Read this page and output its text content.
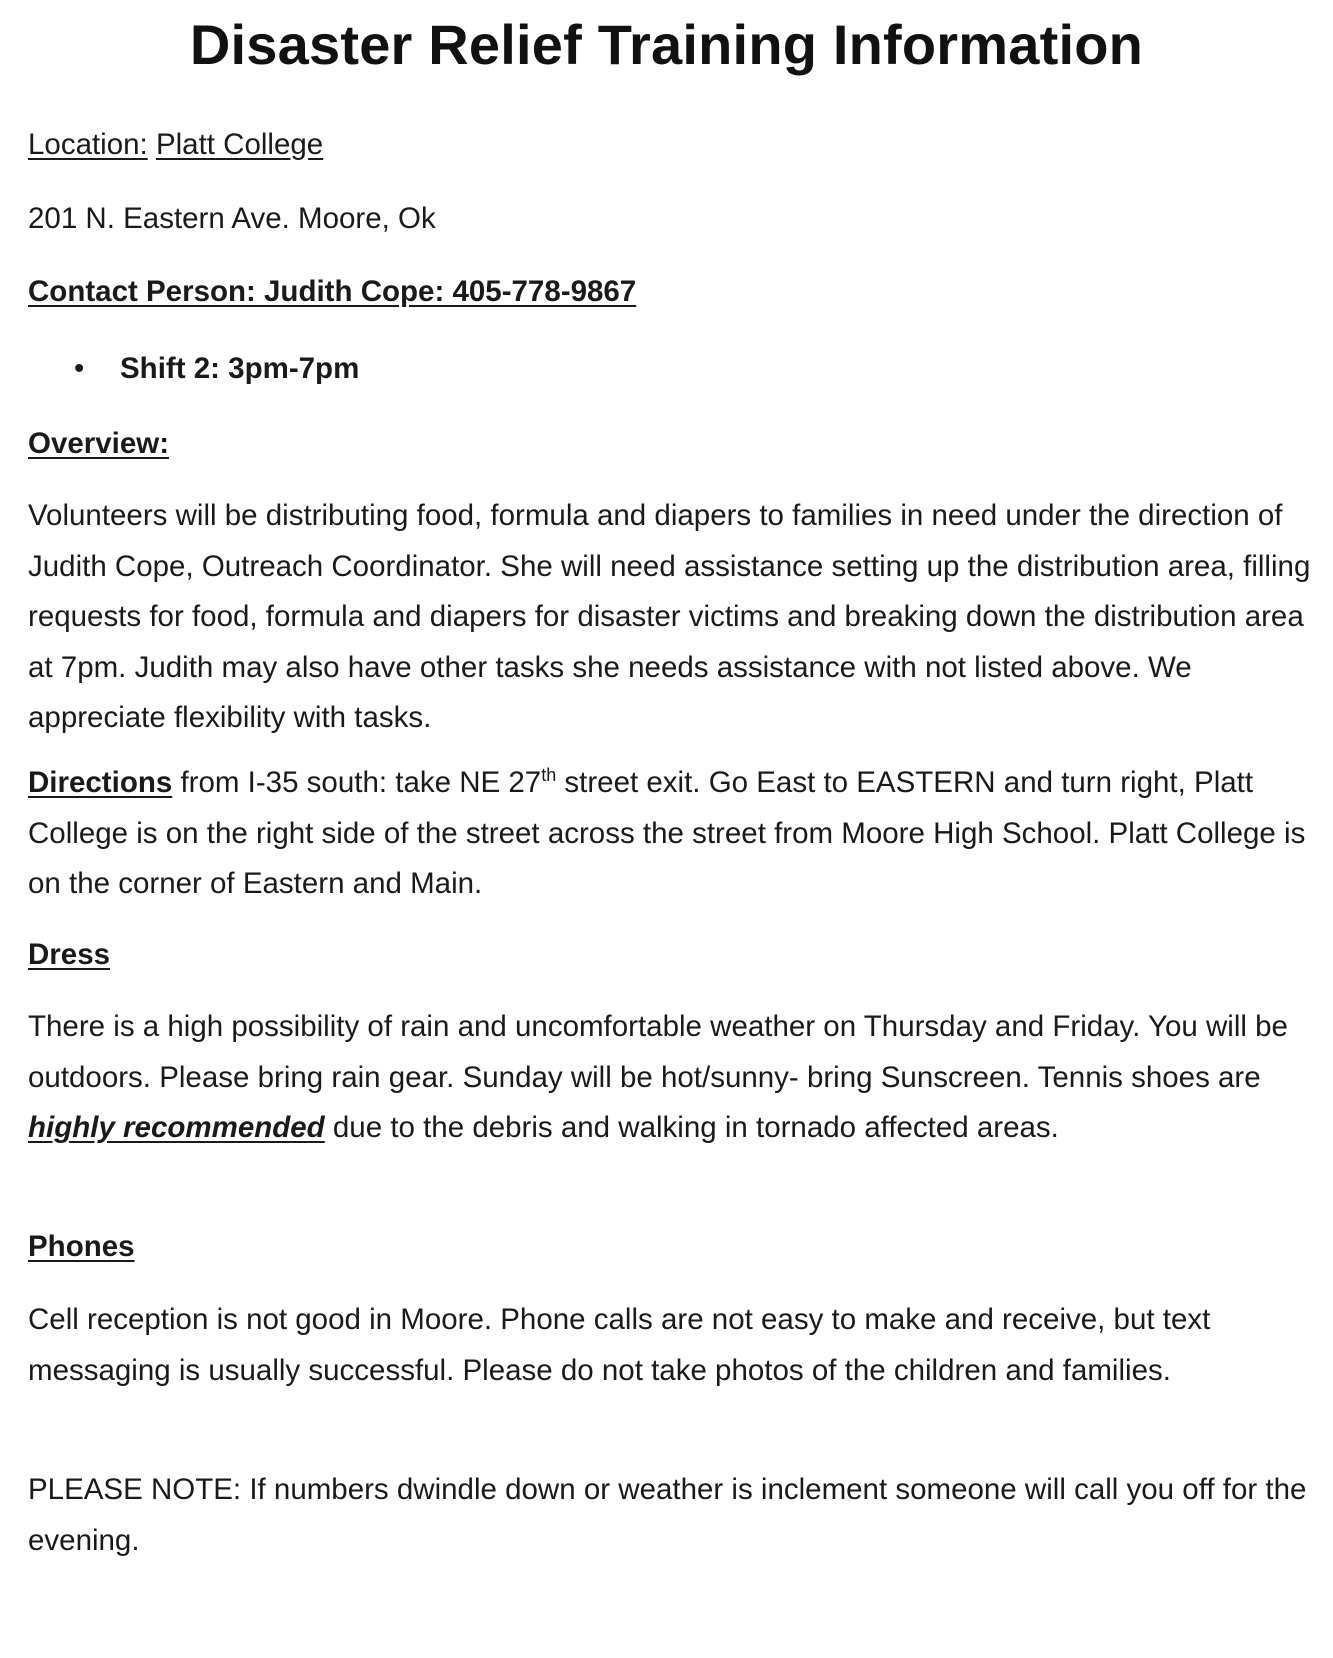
Disaster Relief Training Information
Location: Platt College
201 N. Eastern Ave. Moore, Ok
Contact Person: Judith Cope: 405-778-9867
• Shift 2: 3pm-7pm
Overview:
Volunteers will be distributing food, formula and diapers to families in need under the direction of Judith Cope, Outreach Coordinator. She will need assistance setting up the distribution area, filling requests for food, formula and diapers for disaster victims and breaking down the distribution area at 7pm. Judith may also have other tasks she needs assistance with not listed above. We appreciate flexibility with tasks.
Directions from I-35 south: take NE 27th street exit. Go East to EASTERN and turn right, Platt College is on the right side of the street across the street from Moore High School. Platt College is on the corner of Eastern and Main.
Dress
There is a high possibility of rain and uncomfortable weather on Thursday and Friday. You will be outdoors. Please bring rain gear. Sunday will be hot/sunny- bring Sunscreen. Tennis shoes are highly recommended due to the debris and walking in tornado affected areas.
Phones
Cell reception is not good in Moore. Phone calls are not easy to make and receive, but text messaging is usually successful. Please do not take photos of the children and families.
PLEASE NOTE: If numbers dwindle down or weather is inclement someone will call you off for the evening.
